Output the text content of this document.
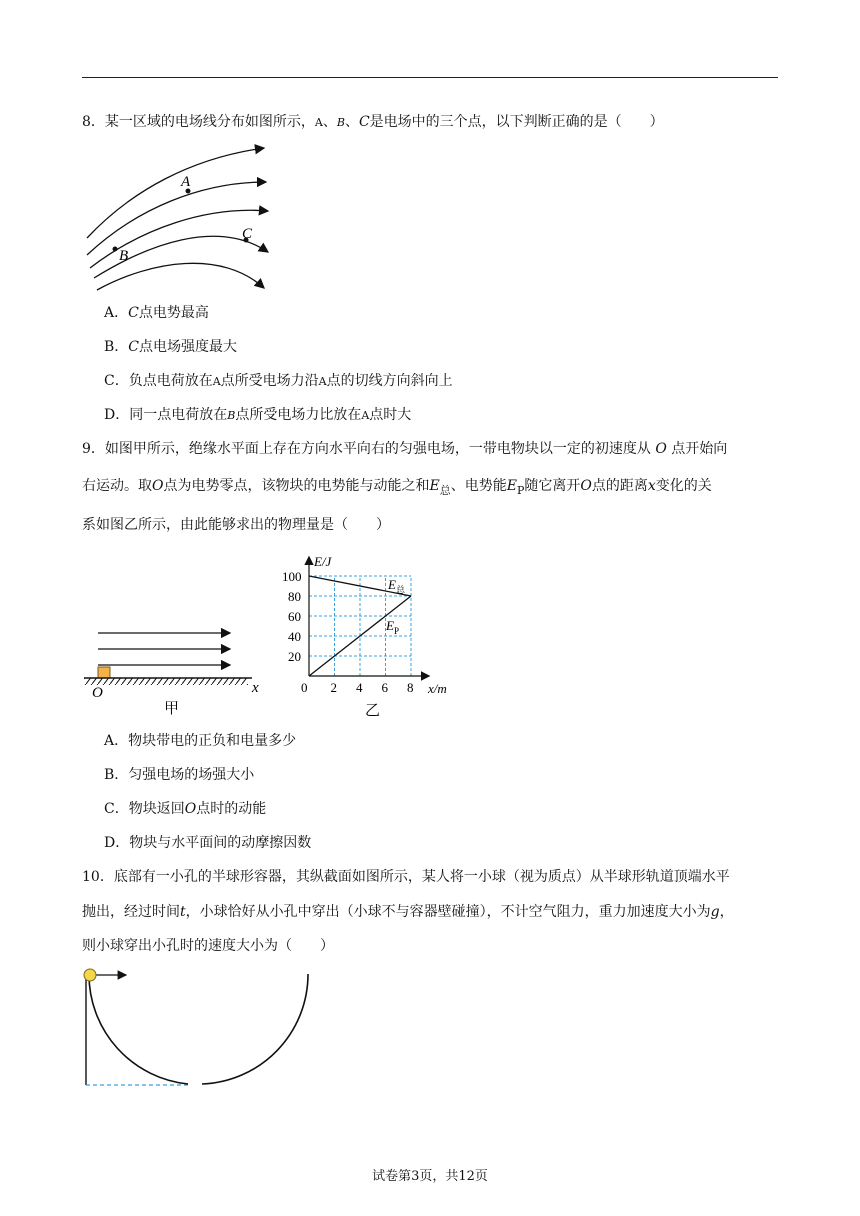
8．某一区域的电场线分布如图所示，A、B、C是电场中的三个点，以下判断正确的是（　　）
A
B
C
A．C点电势最高
B．C点电场强度最大
C．负点电荷放在A点所受电场力沿A点的切线方向斜向上
D．同一点电荷放在B点所受电场力比放在A点时大
9．如图甲所示，绝缘水平面上存在方向水平向右的匀强电场，一带电物块以一定的初速度从 O 点开始向
右运动。取O点为电势零点，该物块的电势能与动能之和$E_总$、电势能$E_P$随它离开O点的距离x变化的关
系如图乙所示，由此能够求出的物理量是（　　）
O	x
甲
E/J
x/m
0 2 4 6 8
20
40
60
80
100
$E_总$
$E_P$
乙
A．物块带电的正负和电量多少
B．匀强电场的场强大小
C．物块返回O点时的动能
D．物块与水平面间的动摩擦因数
10．底部有一小孔的半球形容器，其纵截面如图所示，某人将一小球（视为质点）从半球形轨道顶端水平
抛出，经过时间t，小球恰好从小孔中穿出（小球不与容器壁碰撞），不计空气阻力，重力加速度大小为g，
则小球穿出小孔时的速度大小为（　　）
试卷第3页，共12页
